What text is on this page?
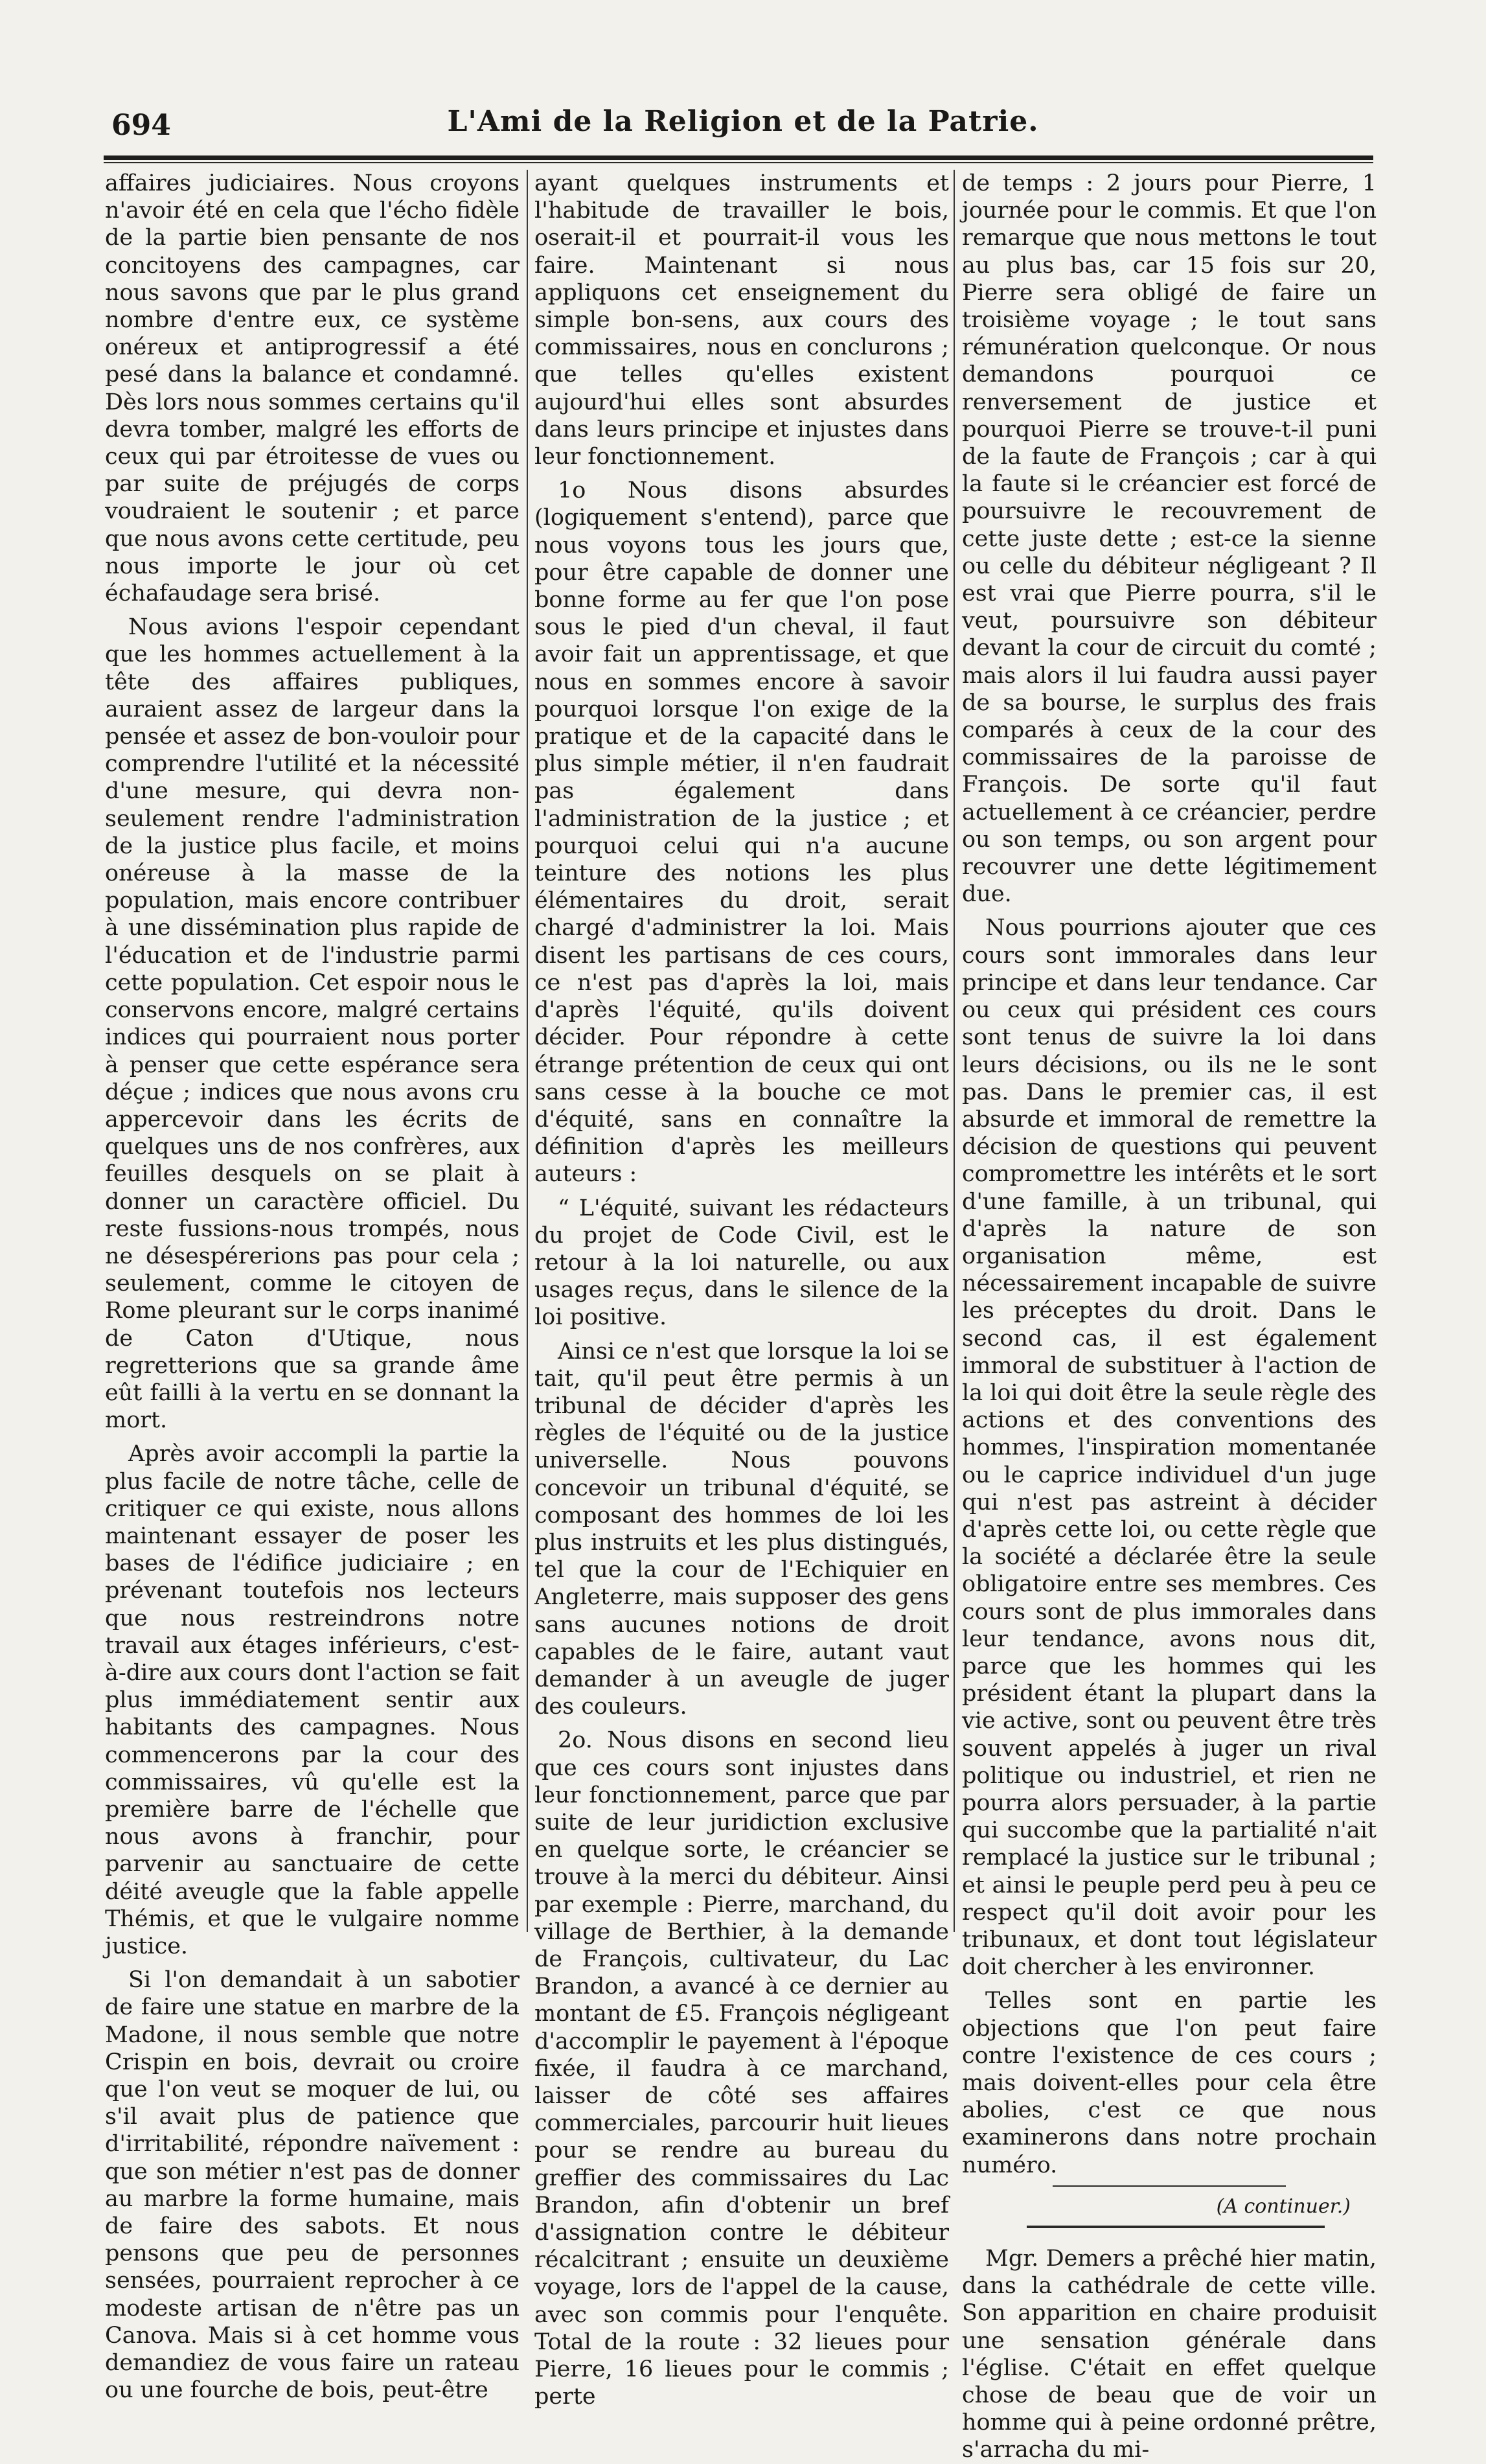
694	L'Ami de la Religion et de la Patrie.

affaires judiciaires. Nous croyons n'avoir été en cela que l'écho fidèle de la partie bien pensante de nos concitoyens des campagnes, car nous savons que par le plus grand nombre d'entre eux, ce système onéreux et antiprogressif a été pesé dans la balance et condamné. Dès lors nous sommes certains qu'il devra tomber, malgré les efforts de ceux qui par étroitesse de vues ou par suite de préjugés de corps voudraient le soutenir ; et parce que nous avons cette certitude, peu nous importe le jour où cet échafaudage sera brisé.

Nous avions l'espoir cependant que les hommes actuellement à la tête des affaires publiques, auraient assez de largeur dans la pensée et assez de bon-vouloir pour comprendre l'utilité et la nécessité d'une mesure, qui devra non-seulement rendre l'administration de la justice plus facile, et moins onéreuse à la masse de la population, mais encore contribuer à une dissémination plus rapide de l'éducation et de l'industrie parmi cette population. Cet espoir nous le conservons encore, malgré certains indices qui pourraient nous porter à penser que cette espérance sera déçue ; indices que nous avons cru appercevoir dans les écrits de quelques uns de nos confrères, aux feuilles desquels on se plait à donner un caractère officiel. Du reste fussions-nous trompés, nous ne désespérerions pas pour cela ; seulement, comme le citoyen de Rome pleurant sur le corps inanimé de Caton d'Utique, nous regretterions que sa grande âme eût failli à la vertu en se donnant la mort.

Après avoir accompli la partie la plus facile de notre tâche, celle de critiquer ce qui existe, nous allons maintenant essayer de poser les bases de l'édifice judiciaire ; en prévenant toutefois nos lecteurs que nous restreindrons notre travail aux étages inférieurs, c'est-à-dire aux cours dont l'action se fait plus immédiatement sentir aux habitants des campagnes. Nous commencerons par la cour des commissaires, vû qu'elle est la première barre de l'échelle que nous avons à franchir, pour parvenir au sanctuaire de cette déité aveugle que la fable appelle Thémis, et que le vulgaire nomme justice.

Si l'on demandait à un sabotier de faire une statue en marbre de la Madone, il nous semble que notre Crispin en bois, devrait ou croire que l'on veut se moquer de lui, ou s'il avait plus de patience que d'irritabilité, répondre naïvement : que son métier n'est pas de donner au marbre la forme humaine, mais de faire des sabots. Et nous pensons que peu de personnes sensées, pourraient reprocher à ce modeste artisan de n'être pas un Canova. Mais si à cet homme vous demandiez de vous faire un rateau ou une fourche de bois, peut-être

ayant quelques instruments et l'habitude de travailler le bois, oserait-il et pourrait-il vous les faire. Maintenant si nous appliquons cet enseignement du simple bon-sens, aux cours des commissaires, nous en conclurons ; que telles qu'elles existent aujourd'hui elles sont absurdes dans leurs principe et injustes dans leur fonctionnement.

1o Nous disons absurdes (logiquement s'entend), parce que nous voyons tous les jours que, pour être capable de donner une bonne forme au fer que l'on pose sous le pied d'un cheval, il faut avoir fait un apprentissage, et que nous en sommes encore à savoir pourquoi lorsque l'on exige de la pratique et de la capacité dans le plus simple métier, il n'en faudrait pas également dans l'administration de la justice ; et pourquoi celui qui n'a aucune teinture des notions les plus élémentaires du droit, serait chargé d'administrer la loi. Mais disent les partisans de ces cours, ce n'est pas d'après la loi, mais d'après l'équité, qu'ils doivent décider. Pour répondre à cette étrange prétention de ceux qui ont sans cesse à la bouche ce mot d'équité, sans en connaître la définition d'après les meilleurs auteurs :

“ L'équité, suivant les rédacteurs du projet de Code Civil, est le retour à la loi naturelle, ou aux usages reçus, dans le silence de la loi positive.

Ainsi ce n'est que lorsque la loi se tait, qu'il peut être permis à un tribunal de décider d'après les règles de l'équité ou de la justice universelle. Nous pouvons concevoir un tribunal d'équité, se composant des hommes de loi les plus instruits et les plus distingués, tel que la cour de l'Echiquier en Angleterre, mais supposer des gens sans aucunes notions de droit capables de le faire, autant vaut demander à un aveugle de juger des couleurs.

2o. Nous disons en second lieu que ces cours sont injustes dans leur fonctionnement, parce que par suite de leur juridiction exclusive en quelque sorte, le créancier se trouve à la merci du débiteur. Ainsi par exemple : Pierre, marchand, du village de Berthier, à la demande de François, cultivateur, du Lac Brandon, a avancé à ce dernier au montant de £5. François négligeant d'accomplir le payement à l'époque fixée, il faudra à ce marchand, laisser de côté ses affaires commerciales, parcourir huit lieues pour se rendre au bureau du greffier des commissaires du Lac Brandon, afin d'obtenir un bref d'assignation contre le débiteur récalcitrant ; ensuite un deuxième voyage, lors de l'appel de la cause, avec son commis pour l'enquête. Total de la route : 32 lieues pour Pierre, 16 lieues pour le commis ; perte

de temps : 2 jours pour Pierre, 1 journée pour le commis. Et que l'on remarque que nous mettons le tout au plus bas, car 15 fois sur 20, Pierre sera obligé de faire un troisième voyage ; le tout sans rémunération quelconque. Or nous demandons pourquoi ce renversement de justice et pourquoi Pierre se trouve-t-il puni de la faute de François ; car à qui la faute si le créancier est forcé de poursuivre le recouvrement de cette juste dette ; est-ce la sienne ou celle du débiteur négligeant ? Il est vrai que Pierre pourra, s'il le veut, poursuivre son débiteur devant la cour de circuit du comté ; mais alors il lui faudra aussi payer de sa bourse, le surplus des frais comparés à ceux de la cour des commissaires de la paroisse de François. De sorte qu'il faut actuellement à ce créancier, perdre ou son temps, ou son argent pour recouvrer une dette légitimement due.

Nous pourrions ajouter que ces cours sont immorales dans leur principe et dans leur tendance. Car ou ceux qui président ces cours sont tenus de suivre la loi dans leurs décisions, ou ils ne le sont pas. Dans le premier cas, il est absurde et immoral de remettre la décision de questions qui peuvent compromettre les intérêts et le sort d'une famille, à un tribunal, qui d'après la nature de son organisation même, est nécessairement incapable de suivre les préceptes du droit. Dans le second cas, il est également immoral de substituer à l'action de la loi qui doit être la seule règle des actions et des conventions des hommes, l'inspiration momentanée ou le caprice individuel d'un juge qui n'est pas astreint à décider d'après cette loi, ou cette règle que la société a déclarée être la seule obligatoire entre ses membres. Ces cours sont de plus immorales dans leur tendance, avons nous dit, parce que les hommes qui les président étant la plupart dans la vie active, sont ou peuvent être très souvent appelés à juger un rival politique ou industriel, et rien ne pourra alors persuader, à la partie qui succombe que la partialité n'ait remplacé la justice sur le tribunal ; et ainsi le peuple perd peu à peu ce respect qu'il doit avoir pour les tribunaux, et dont tout législateur doit chercher à les environner.

Telles sont en partie les objections que l'on peut faire contre l'existence de ces cours ; mais doivent-elles pour cela être abolies, c'est ce que nous examinerons dans notre prochain numéro.

(A continuer.)

Mgr. Demers a prêché hier matin, dans la cathédrale de cette ville. Son apparition en chaire produisit une sensation générale dans l'église. C'était en effet quelque chose de beau que de voir un homme qui à peine ordonné prêtre, s'arracha du mi-
